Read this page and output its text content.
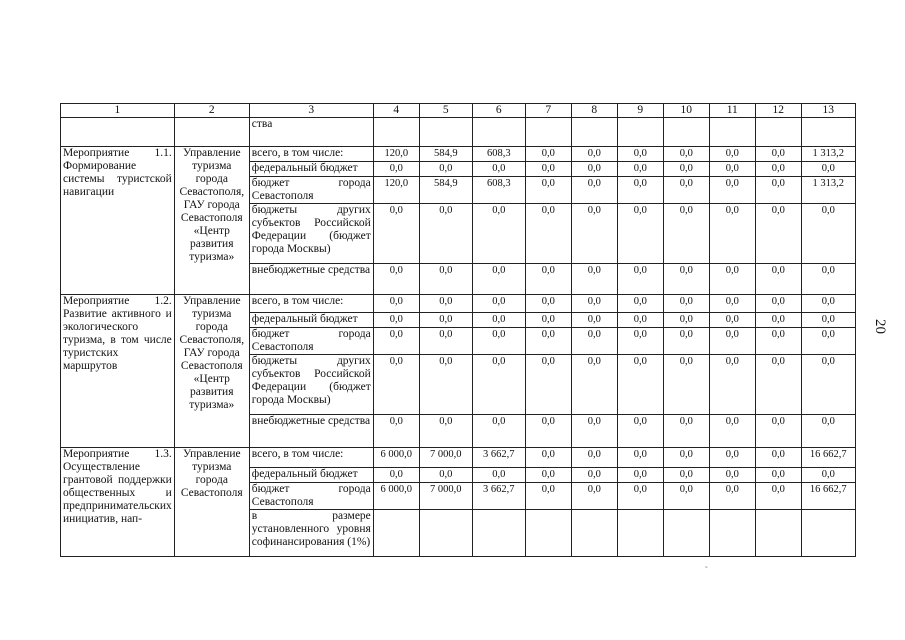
1	2	3	4	5	6	7	8	9	10	11	12	13
		ства										
Мероприятие 1.1. Формирование системы туристской навигации	Управление туризма города Севастополя, ГАУ города Севастополя «Центр развития туризма»	всего, в том числе:	120,0	584,9	608,3	0,0	0,0	0,0	0,0	0,0	0,0	1 313,2
		федеральный бюджет	0,0	0,0	0,0	0,0	0,0	0,0	0,0	0,0	0,0	0,0
		бюджет города Севастополя	120,0	584,9	608,3	0,0	0,0	0,0	0,0	0,0	0,0	1 313,2
		бюджеты других субъектов Российской Федерации (бюджет города Москвы)	0,0	0,0	0,0	0,0	0,0	0,0	0,0	0,0	0,0	0,0
		внебюджетные средства	0,0	0,0	0,0	0,0	0,0	0,0	0,0	0,0	0,0	0,0
Мероприятие 1.2. Развитие активного и экологического туризма, в том числе туристских маршрутов	Управление туризма города Севастополя, ГАУ города Севастополя «Центр развития туризма»	всего, в том числе:	0,0	0,0	0,0	0,0	0,0	0,0	0,0	0,0	0,0	0,0
		федеральный бюджет	0,0	0,0	0,0	0,0	0,0	0,0	0,0	0,0	0,0	0,0
		бюджет города Севастополя	0,0	0,0	0,0	0,0	0,0	0,0	0,0	0,0	0,0	0,0
		бюджеты других субъектов Российской Федерации (бюджет города Москвы)	0,0	0,0	0,0	0,0	0,0	0,0	0,0	0,0	0,0	0,0
		внебюджетные средства	0,0	0,0	0,0	0,0	0,0	0,0	0,0	0,0	0,0	0,0
Мероприятие 1.3. Осуществление грантовой поддержки общественных и предпринимательских инициатив, нап-	Управление туризма города Севастополя	всего, в том числе:	6 000,0	7 000,0	3 662,7	0,0	0,0	0,0	0,0	0,0	0,0	16 662,7
		федеральный бюджет	0,0	0,0	0,0	0,0	0,0	0,0	0,0	0,0	0,0	0,0
		бюджет города Севастополя	6 000,0	7 000,0	3 662,7	0,0	0,0	0,0	0,0	0,0	0,0	16 662,7
		в размере установленного уровня софинансирования (1%)										
20
˜
